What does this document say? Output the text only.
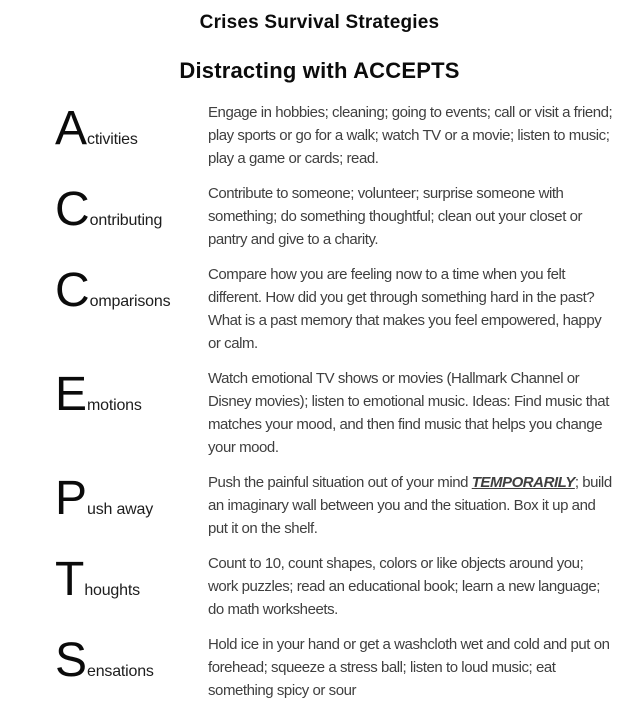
Crises Survival Strategies
Distracting with ACCEPTS
Activities

Engage in hobbies; cleaning; going to events; call or visit a friend; play sports or go for a walk; watch TV or a movie; listen to music; play a game or cards; read.

Contributing

Contribute to someone; volunteer; surprise someone with something; do something thoughtful; clean out your closet or pantry and give to a charity.

Comparisons

Compare how you are feeling now to a time when you felt different. How did you get through something hard in the past? What is a past memory that makes you feel empowered, happy or calm.

Emotions

Watch emotional TV shows or movies (Hallmark Channel or Disney movies); listen to emotional music. Ideas: Find music that matches your mood, and then find music that helps you change your mood.

Push away

Push the painful situation out of your mind TEMPORARILY; build an imaginary wall between you and the situation. Box it up and put it on the shelf.

Thoughts

Count to 10, count shapes, colors or like objects around you; work puzzles; read an educational book; learn a new language; do math worksheets.

Sensations

Hold ice in your hand or get a washcloth wet and cold and put on forehead; squeeze a stress ball; listen to loud music; eat something spicy or sour
